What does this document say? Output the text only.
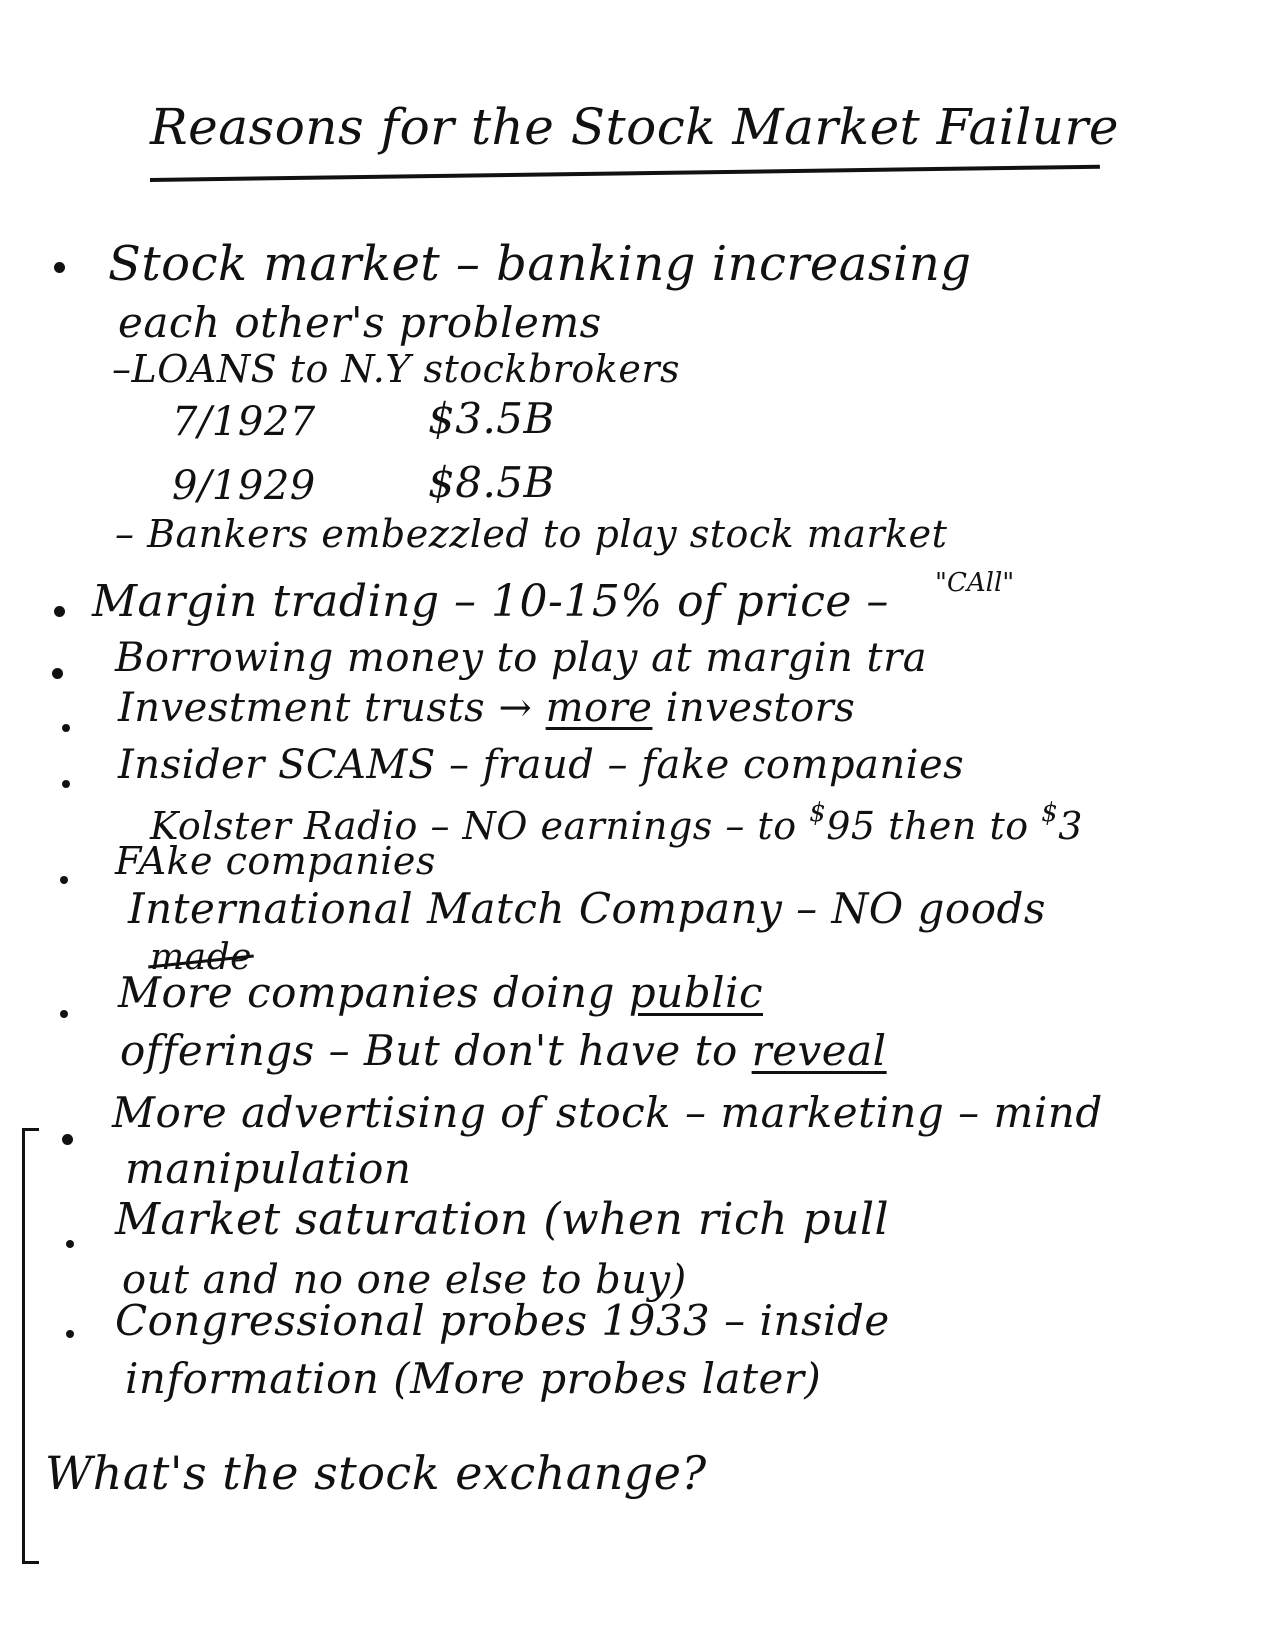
Reasons for the Stock Market Failure
Stock market – banking increasing
each other's problems
–LOANS to N.Y stockbrokers
7/1927	$3.5B
9/1929	$8.5B
– Bankers embezzled to play stock market
Margin trading – 10-15% of price – "CAll"
Borrowing money to play at margin tra
Investment trusts → more investors
Insider SCAMS – fraud – fake companies
Kolster Radio – NO earnings – to $95 then to $3
FAke companies
International Match Company – NO goods
made
More companies doing public
offerings – But don't have to reveal
More advertising of stock – marketing – mind
manipulation
Market saturation (when rich pull
out and no one else to buy)
Congressional probes 1933 – inside
information (More probes later)
What's the stock exchange?
